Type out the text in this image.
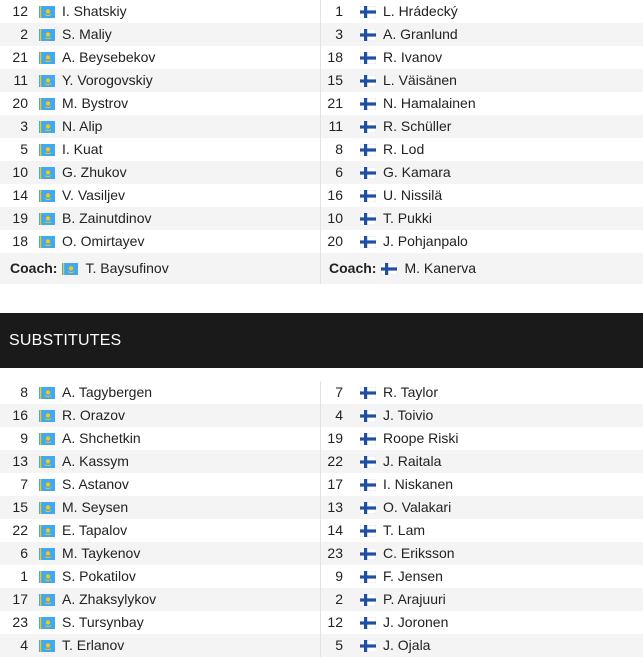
12 I. Shatskiy
2 S. Maliy
21 A. Beysebekov
11 Y. Vorogovskiy
20 M. Bystrov
3 N. Alip
5 I. Kuat
10 G. Zhukov
14 V. Vasiljev
19 B. Zainutdinov
18 O. Omirtayev
Coach: T. Baysufinov
1	L. Hrádecký
3	A. Granlund
18	R. Ivanov
15	L. Väisänen
21	N. Hamalainen
11	R. Schüller
8	R. Lod
6	G. Kamara
16	U. Nissilä
10	T. Pukki
20	J. Pohjanpalo
Coach: M. Kanerva
SUBSTITUTES
8 A. Tagybergen
16 R. Orazov
9 A. Shchetkin
13 A. Kassym
7 S. Astanov
15 M. Seysen
22 E. Tapalov
6 M. Taykenov
1 S. Pokatilov
17 A. Zhaksylykov
23 S. Tursynbay
4 T. Erlanov
7	R. Taylor
4	J. Toivio
19	Roope Riski
22	J. Raitala
17	I. Niskanen
13	O. Valakari
14	T. Lam
23	C. Eriksson
9	F. Jensen
2	P. Arajuuri
12	J. Joronen
5	J. Ojala
